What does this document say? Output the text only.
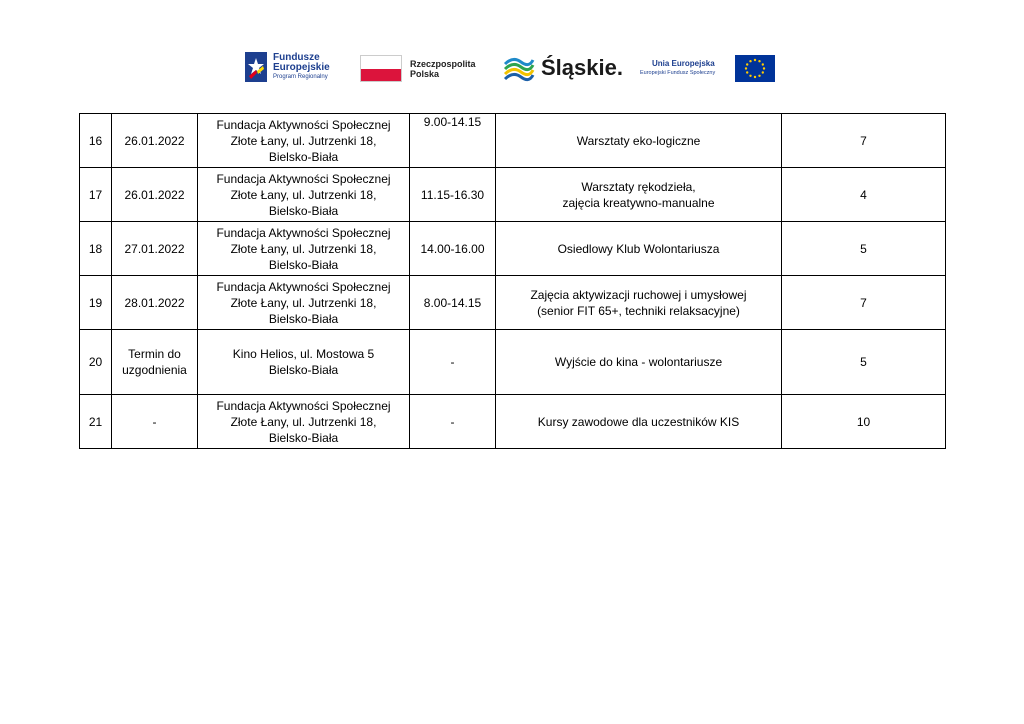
Fundusze
Europejskie
Program Regionalny
Rzeczpospolita
Polska	Śląskie.	Unia Europejska
Europejski Fundusz Społeczny
16	26.01.2022	Fundacja Aktywności Społecznej
Złote Łany, ul. Jutrzenki 18,
Bielsko-Biała	9.00-14.15	Warsztaty eko-logiczne	7
17	26.01.2022	Fundacja Aktywności Społecznej
Złote Łany, ul. Jutrzenki 18,
Bielsko-Biała	11.15-16.30	Warsztaty rękodzieła,
zajęcia kreatywno-manualne	4
18	27.01.2022	Fundacja Aktywności Społecznej
Złote Łany, ul. Jutrzenki 18,
Bielsko-Biała	14.00-16.00	Osiedlowy Klub Wolontariusza	5
19	28.01.2022	Fundacja Aktywności Społecznej
Złote Łany, ul. Jutrzenki 18,
Bielsko-Biała	8.00-14.15	Zajęcia aktywizacji ruchowej i umysłowej
(senior FIT 65+, techniki relaksacyjne)	7
20	Termin do
uzgodnienia	Kino Helios, ul. Mostowa 5
Bielsko-Biała	-	Wyjście do kina - wolontariusze	5
21	-	Fundacja Aktywności Społecznej
Złote Łany, ul. Jutrzenki 18,
Bielsko-Biała	-	Kursy zawodowe dla uczestników KIS	10
